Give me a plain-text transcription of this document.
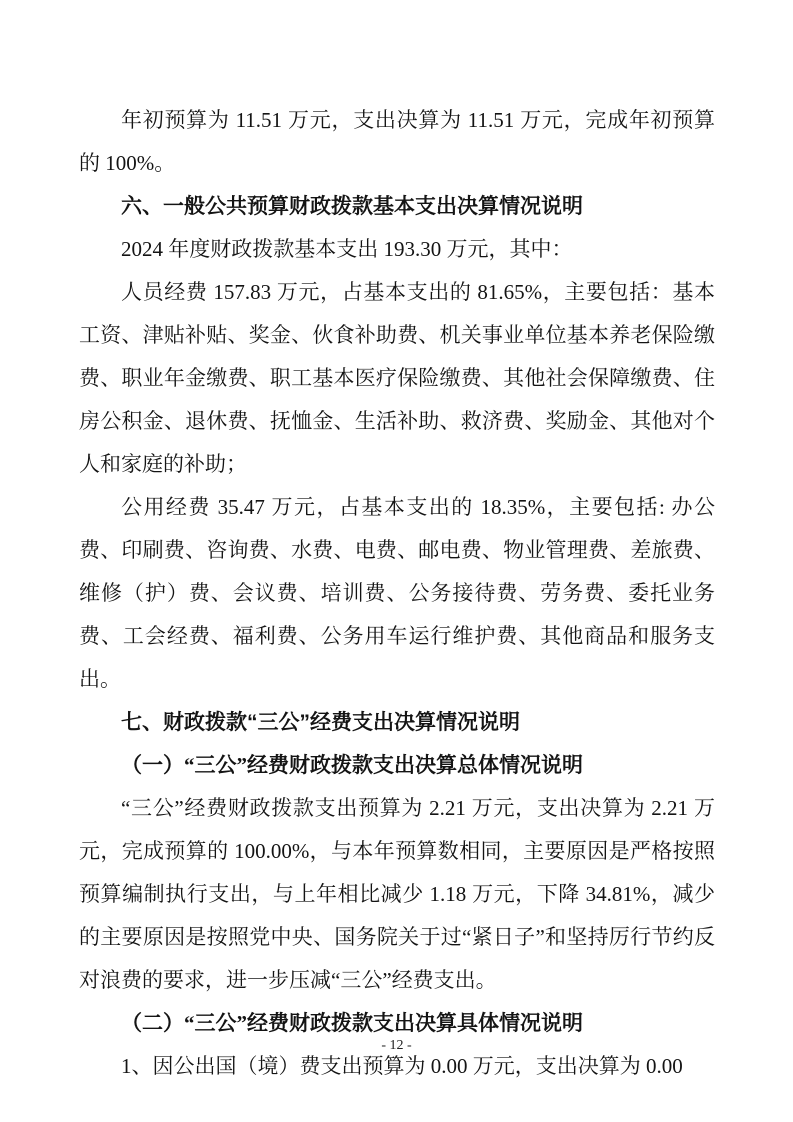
年初预算为 11.51 万元，支出决算为 11.51 万元，完成年初预算的 100%。

六、一般公共预算财政拨款基本支出决算情况说明

2024 年度财政拨款基本支出 193.30 万元，其中：

人员经费 157.83 万元，占基本支出的 81.65%，主要包括：基本工资、津贴补贴、奖金、伙食补助费、机关事业单位基本养老保险缴费、职业年金缴费、职工基本医疗保险缴费、其他社会保障缴费、住房公积金、退休费、抚恤金、生活补助、救济费、奖励金、其他对个人和家庭的补助；

公用经费 35.47 万元，占基本支出的 18.35%，主要包括: 办公费、印刷费、咨询费、水费、电费、邮电费、物业管理费、差旅费、维修（护）费、会议费、培训费、公务接待费、劳务费、委托业务费、工会经费、福利费、公务用车运行维护费、其他商品和服务支出。

七、财政拨款“三公”经费支出决算情况说明

（一）“三公”经费财政拨款支出决算总体情况说明

“三公”经费财政拨款支出预算为 2.21 万元，支出决算为 2.21 万元，完成预算的 100.00%，与本年预算数相同，主要原因是严格按照预算编制执行支出，与上年相比减少 1.18 万元，下降 34.81%，减少的主要原因是按照党中央、国务院关于过“紧日子”和坚持厉行节约反对浪费的要求，进一步压减“三公”经费支出。

（二）“三公”经费财政拨款支出决算具体情况说明

1、因公出国（境）费支出预算为 0.00 万元，支出决算为 0.00

- 12 -
